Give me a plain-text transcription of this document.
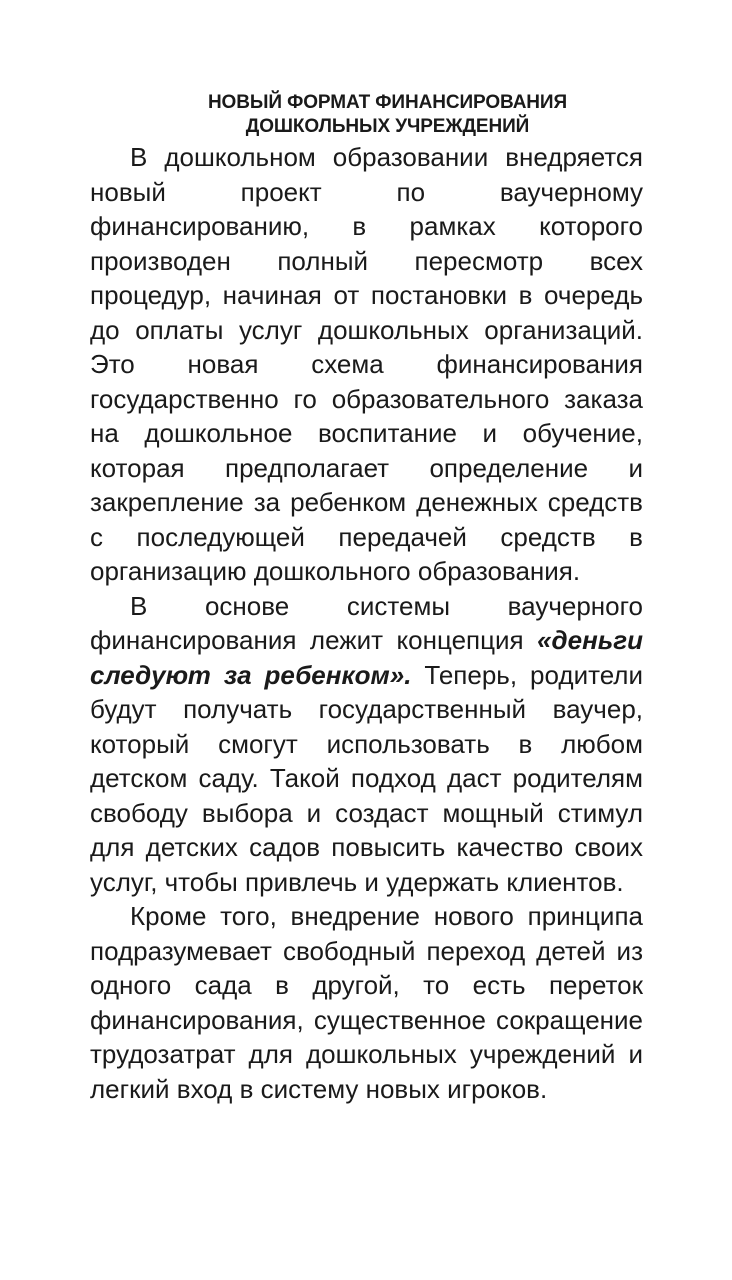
НОВЫЙ ФОРМАТ ФИНАНСИРОВАНИЯ
ДОШКОЛЬНЫХ УЧРЕЖДЕНИЙ

В дошкольном образовании внедряется новый проект по ваучерному финансированию, в рамках которого производен полный пересмотр всех процедур, начиная от постановки в очередь до оплаты услуг дошкольных организаций. Это новая схема финансирования государственно го образовательного заказа на дошкольное воспитание и обучение, которая предполагает определение и закрепление за ребенком денежных средств с последующей передачей средств в организацию дошкольного образования.

В основе системы ваучерного финансирования лежит концепция «деньги следуют за ребенком». Теперь, родители будут получать государственный ваучер, который смогут использовать в любом детском саду. Такой подход даст родителям свободу выбора и создаст мощный стимул для детских садов повысить качество своих услуг, чтобы привлечь и удержать клиентов.

Кроме того, внедрение нового принципа подразумевает свободный переход детей из одного сада в другой, то есть переток финансирования, существенное сокращение трудозатрат для дошкольных учреждений и легкий вход в систему новых игроков.
